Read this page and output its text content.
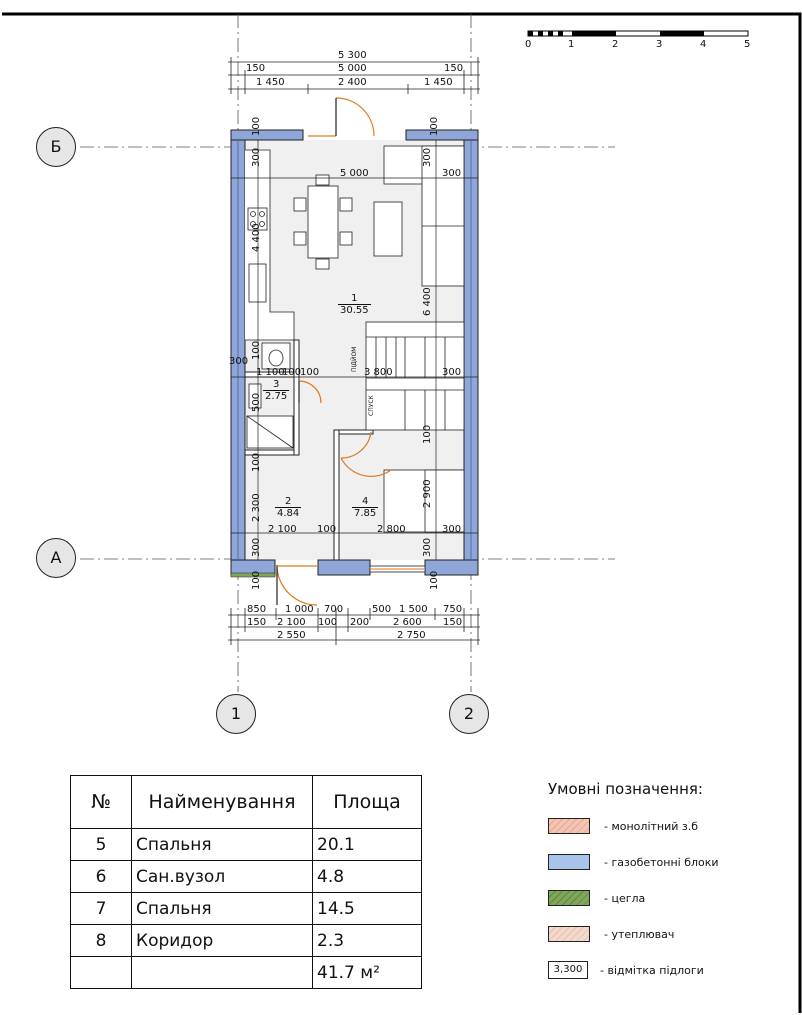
0	1	2	3	4	5
Б
А
1	2
5 300
150	5 000	150
1 450	2 400	1 450
5 000	300
300
1 100
100
100	3 800	300
2 100 100	2 800	300
100	100
300	300
4 400
6 400
100
500
100
100
2 900
2 300
300	300
100	100
ПІДЙОМ
СПУСК
850 1 000 700	500 1 500 750
150 2 100 100 200 2 600 150
2 550	2 750
1
30.55
3
2.75
2
4.84
4
7.85
№	Найменування	Площа
5	Спальня	20.1
6	Сан.вузол	4.8
7	Спальня	14.5
8	Коридор	2.3
		41.7 м²
Умовні позначення:
- монолітний з.б
- газобетонні блоки
- цегла
- утеплювач
3,300	- відмітка підлоги
